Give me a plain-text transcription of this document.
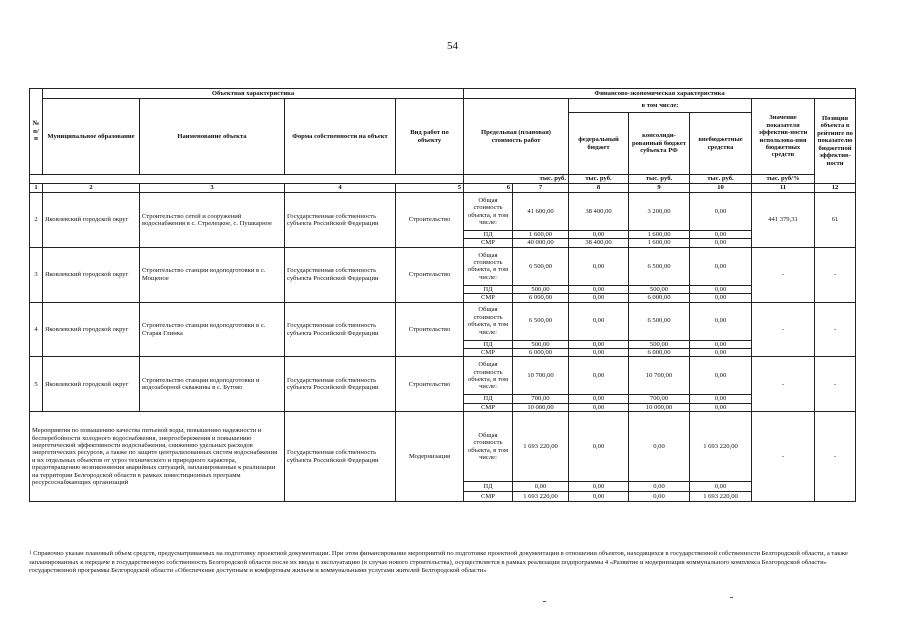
54
№ п/п	Объектная характеристика				Финансово-экономическая характеристика							
	Муниципальное образование	Наименование объекта	Форма собственности на объект	Вид работ по объекту	Предельная (плановая) стоимость работ		в том числе:			Значение показателя эффектив-ности использова-ния бюджетных средств	Позиция объекта в рейтинге по показателю бюджетной эффектив-ности	
							федеральный бюджет	консолиди-рованный бюджет субъекта РФ	внебюджетные средства			
					тыс. руб.		тыс. руб.	тыс. руб.	тыс. руб.	тыс. руб/%		
1	2	3	4	5	6	7	8	9	10	11	12	
2	Яковлевский городской округ	Строительство сетей и сооружений водоснабжения в с. Стрелецкое, с. Пушкарное	Государственная собственность субъекта Российской Федерации	Строительство	Общая стоимость объекта, в том числе:	41 600,00	38 400,00	3 200,00	0,00	441 379,31	61	
					ПД	1 600,00	0,00	1 600,00	0,00			
					СМР	40 000,00	38 400,00	1 600,00	0,00			
3	Яковлевский городской округ	Строительство станции водоподготовки в с. Мощеное	Государственная собственность субъекта Российской Федерации	Строительство	Общая стоимость объекта, в том числе:	6 500,00	0,00	6 500,00	0,00	-	-	
					ПД	500,00	0,00	500,00	0,00			
					СМР	6 000,00	0,00	6 000,00	0,00			
4	Яковлевский городской округ	Строительство станции водоподготовки в с. Старая Глинка	Государственная собственность субъекта Российской Федерации	Строительство	Общая стоимость объекта, в том числе:	6 500,00	0,00	6 500,00	0,00	-	-	
					ПД	500,00	0,00	500,00	0,00			
					СМР	6 000,00	0,00	6 000,00	0,00			
5	Яковлевский городской округ	Строительство станции водоподготовки и водозаборной скважины в с. Бутово	Государственная собственность субъекта Российской Федерации	Строительство	Общая стоимость объекта, в том числе:	10 700,00	0,00	10 700,00	0,00	-	-	
					ПД	700,00	0,00	700,00	0,00			
					СМР	10 000,00	0,00	10 000,00	0,00			
Мероприятия по повышению качества питьевой воды, повышению надежности и бесперебойности холодного водоснабжения, энергосбережения и повышению энергетической эффективности водоснабжения, снижению удельных расходов энергетических ресурсов, а также по защите централизованных систем водоснабжения и их отдельных объектов от угроз технического и природного характера, предотвращению возникновения аварийных ситуаций, запланированные к реализации на территории Белгородской области в рамках инвестиционных программ ресурсоснабжающих организаций			Государственная собственность субъекта Российской Федерации	Модернизация	Общая стоимость объекта, в том числе:	1 693 220,00	0,00	0,00	1 693 220,00	-	-	
					ПД	0,00	0,00	0,00	0,00			
					СМР	1 693 220,00	0,00	0,00	1 693 220,00			
$^1$ Справочно указан плановый объем средств, предусматриваемых на подготовку проектной документации. При этом финансирование мероприятий по подготовке проектной документации в отношении объектов, находящихся в государственной собственности Белгородской области, а также запланированных к передаче в государственную собственность Белгородской области после их ввода в эксплуатацию (в случае нового строительства), осуществляется в рамках реализации подпрограммы 4 «Развитие и модернизация коммунального комплекса Белгородской области» государственной программы Белгородской области «Обеспечение доступным и комфортным жильем и коммунальными услугами жителей Белгородской области»
